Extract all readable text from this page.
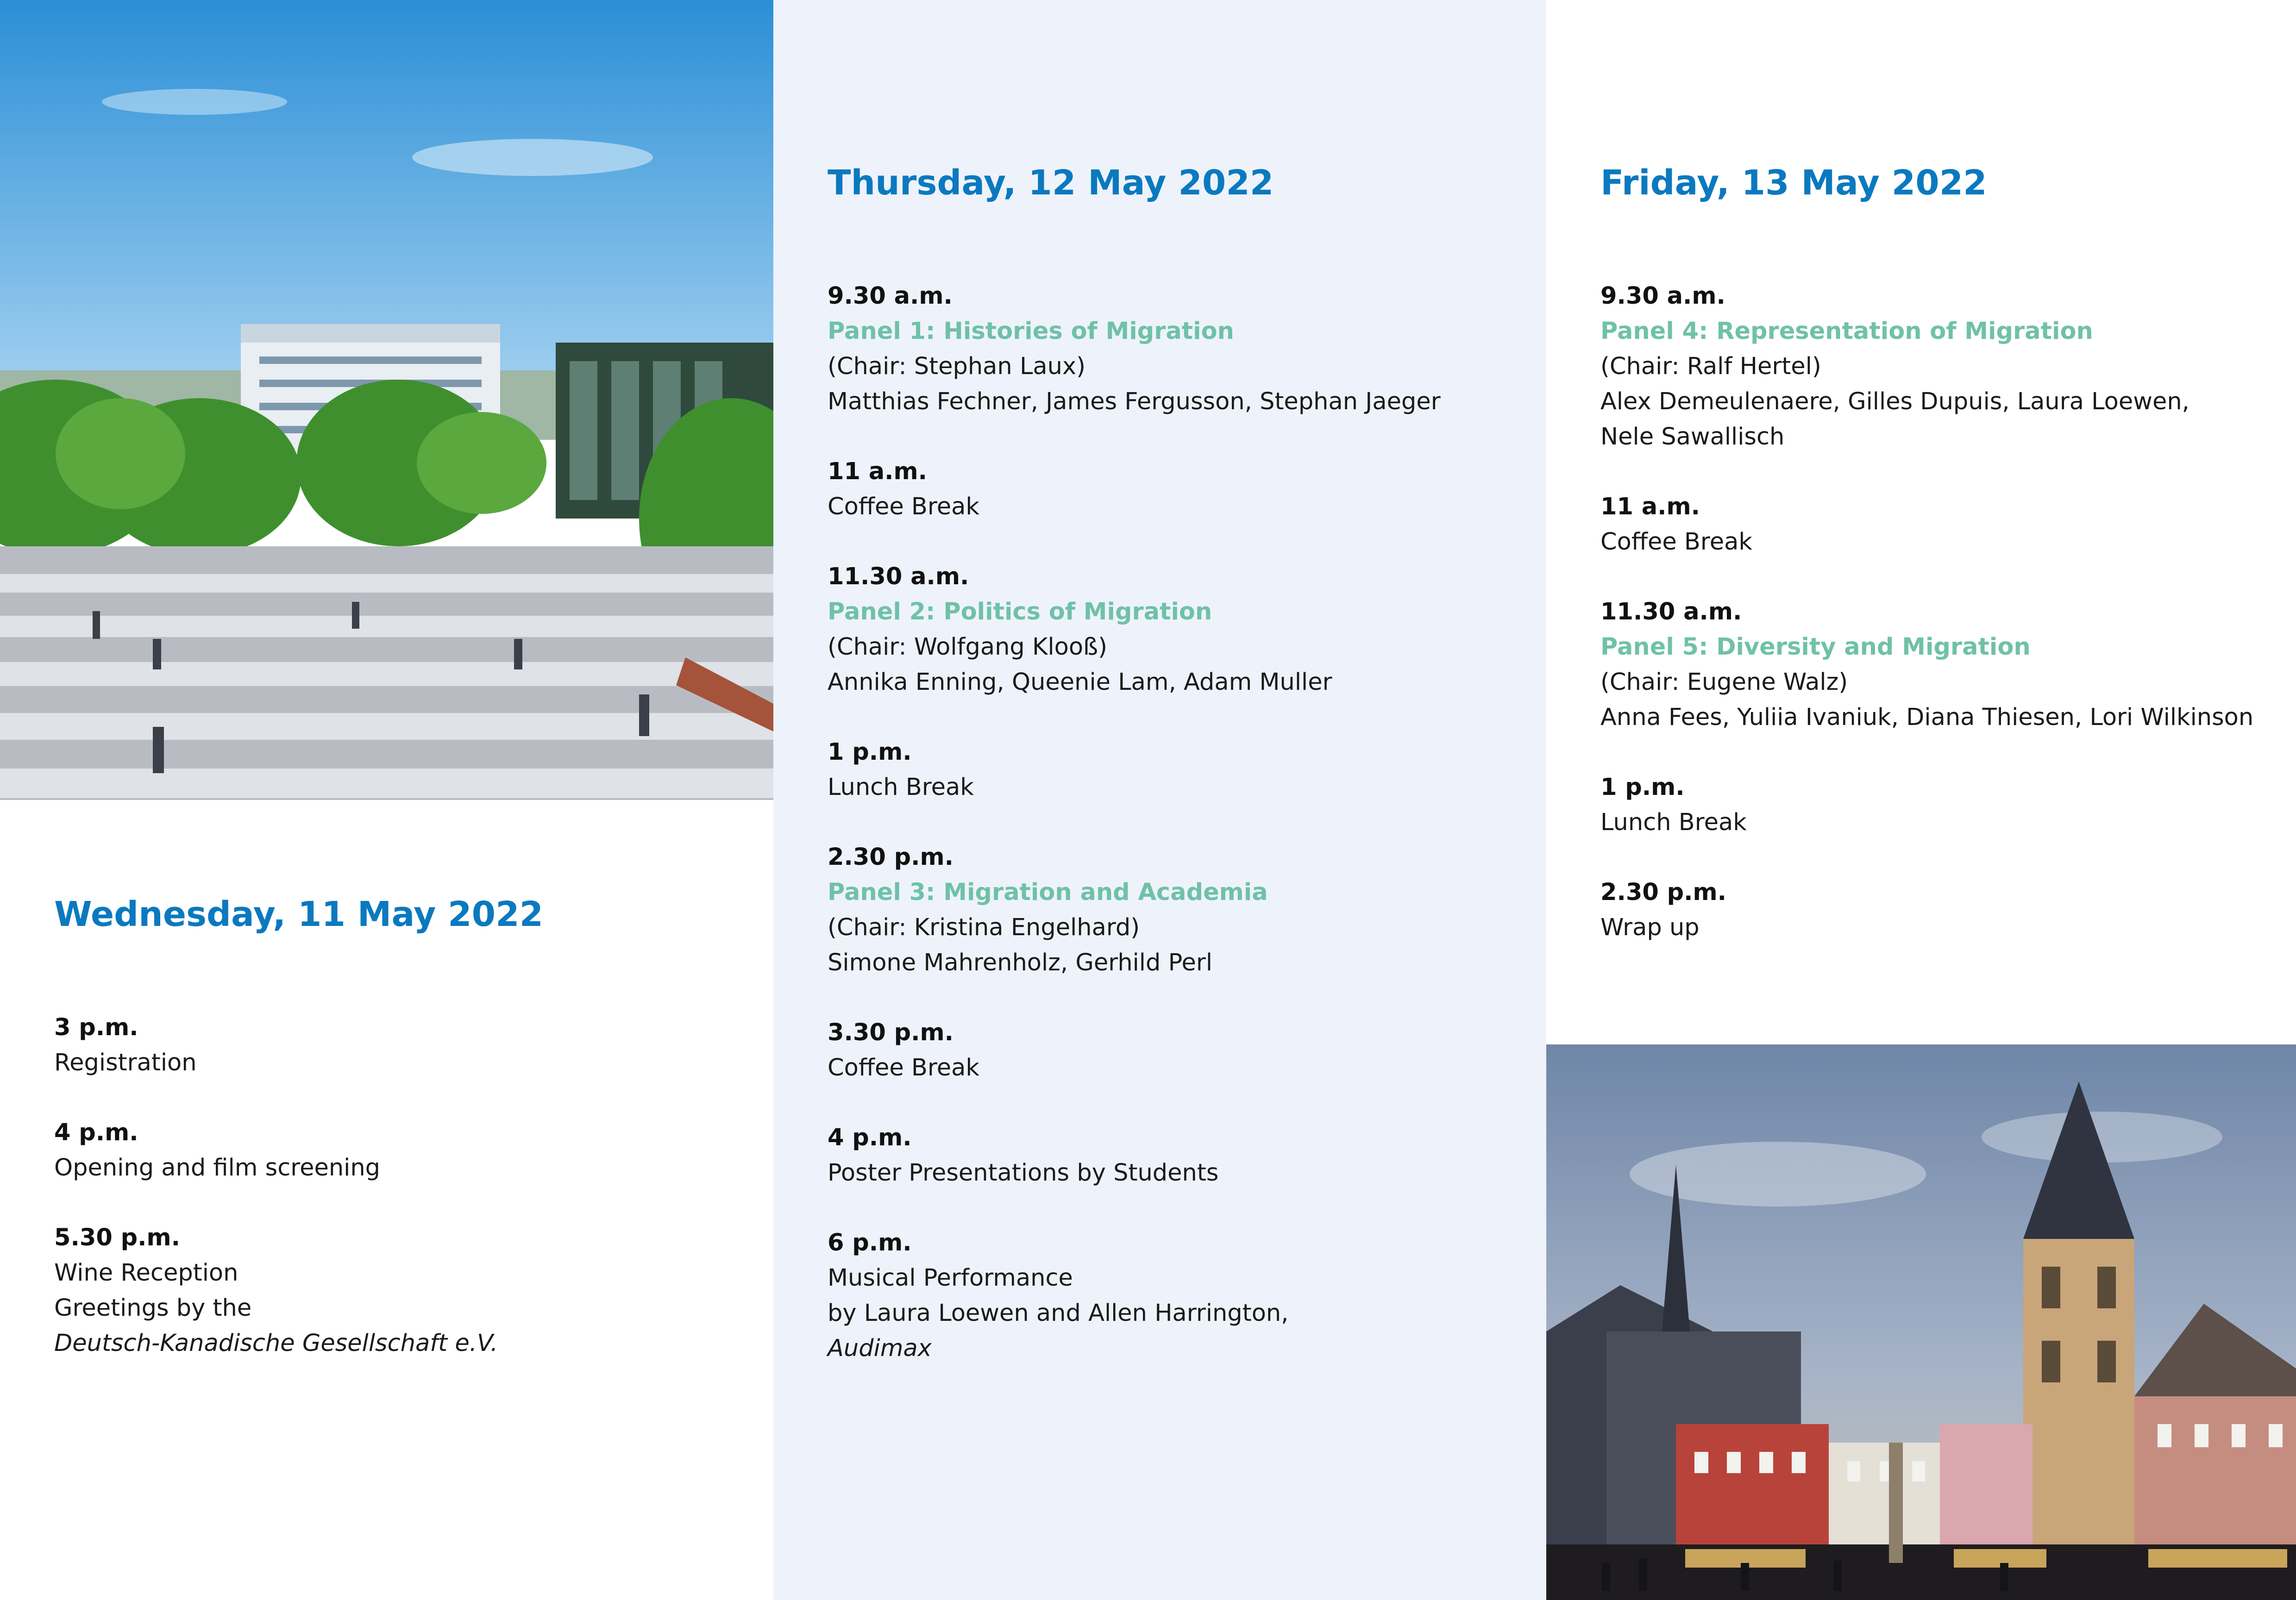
Wednesday, 11 May 2022
3 p.m.
Registration
4 p.m.
Opening and film screening
5.30 p.m.
Wine Reception
Greetings by the
Deutsch-Kanadische Gesellschaft e.V.
Thursday, 12 May 2022
9.30 a.m.
Panel 1: Histories of Migration
(Chair: Stephan Laux)
Matthias Fechner, James Fergusson, Stephan Jaeger
11 a.m.
Coffee Break
11.30 a.m.
Panel 2: Politics of Migration
(Chair: Wolfgang Klooß)
Annika Enning, Queenie Lam, Adam Muller
1 p.m.
Lunch Break
2.30 p.m.
Panel 3: Migration and Academia
(Chair: Kristina Engelhard)
Simone Mahrenholz, Gerhild Perl
3.30 p.m.
Coffee Break
4 p.m.
Poster Presentations by Students
6 p.m.
Musical Performance
by Laura Loewen and Allen Harrington,
Audimax
Friday, 13 May 2022
9.30 a.m.
Panel 4: Representation of Migration
(Chair: Ralf Hertel)
Alex Demeulenaere, Gilles Dupuis, Laura Loewen,
Nele Sawallisch
11 a.m.
Coffee Break
11.30 a.m.
Panel 5: Diversity and Migration
(Chair: Eugene Walz)
Anna Fees, Yuliia Ivaniuk, Diana Thiesen, Lori Wilkinson
1 p.m.
Lunch Break
2.30 p.m.
Wrap up
